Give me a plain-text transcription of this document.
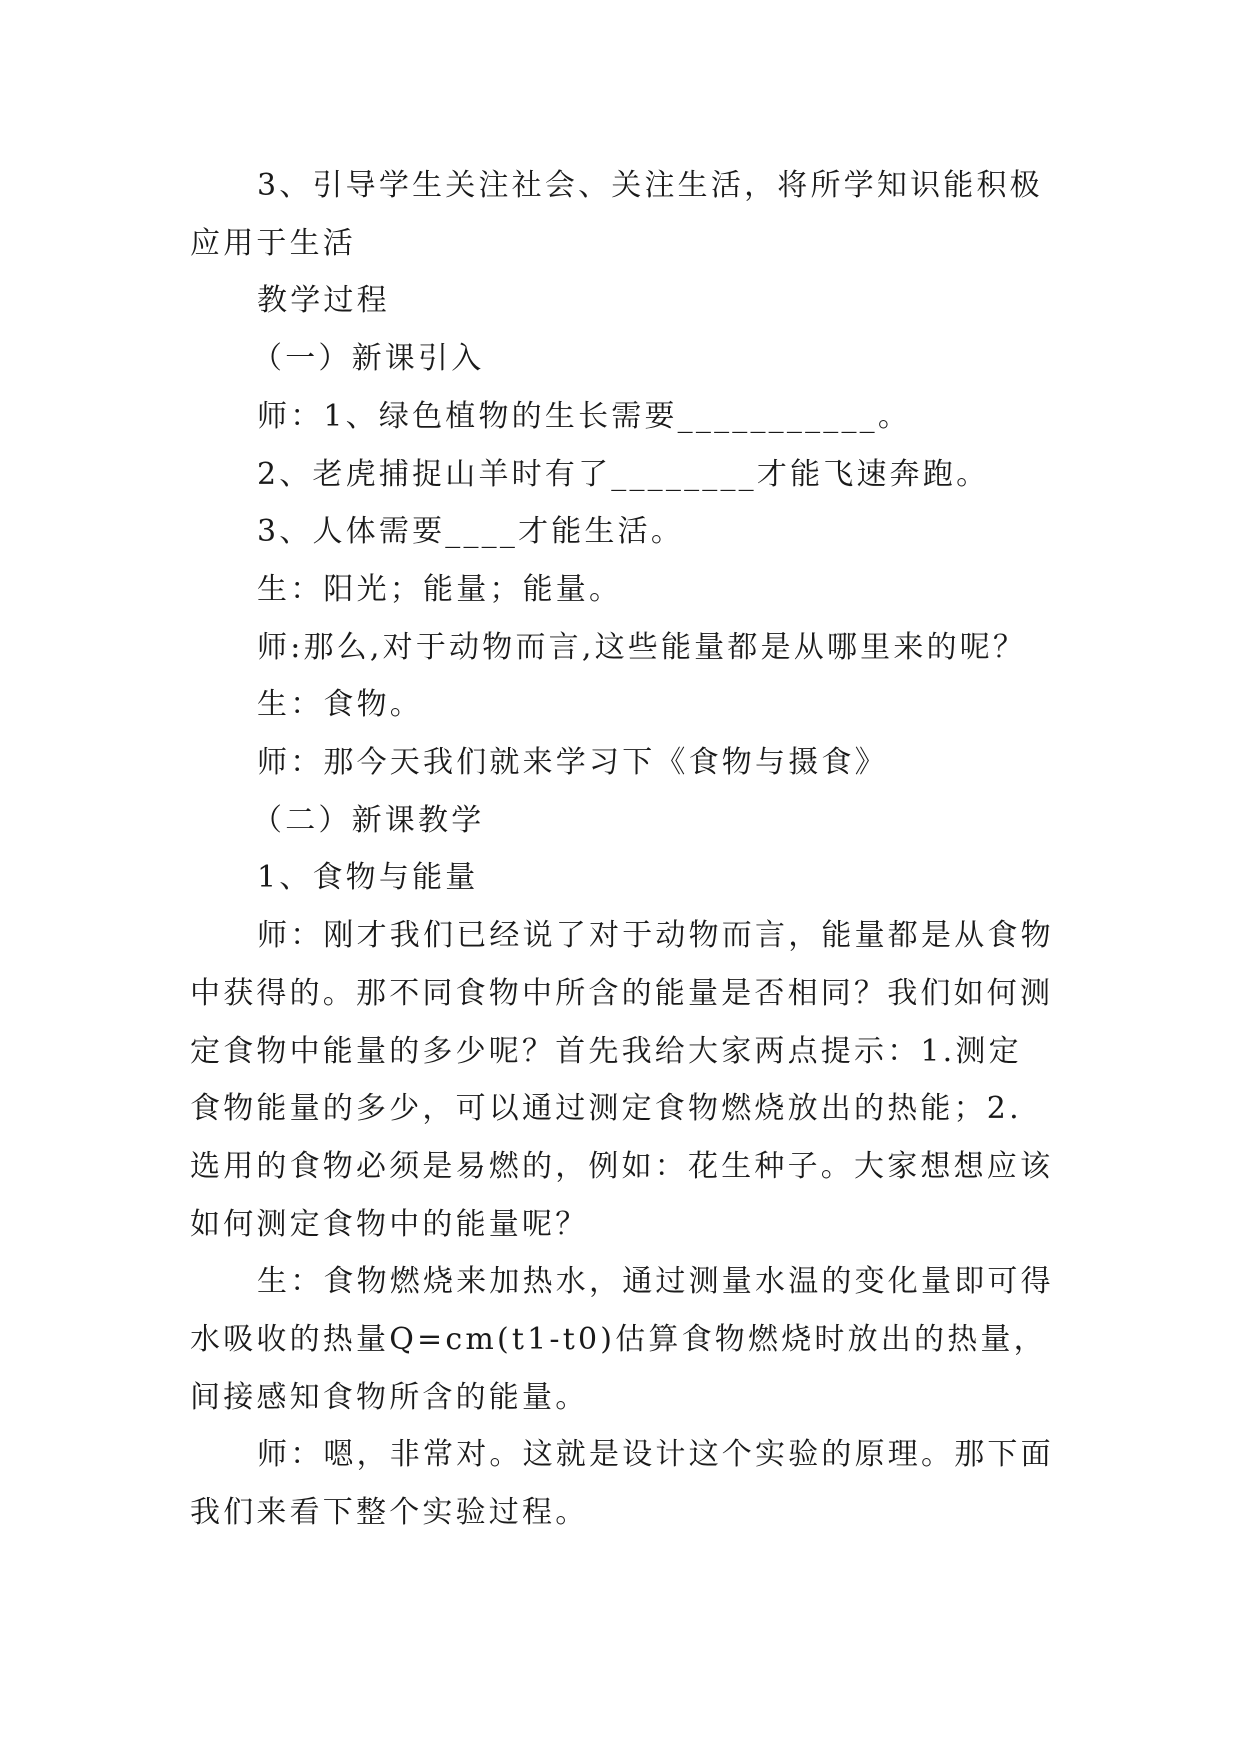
3、引导学生关注社会、关注生活，将所学知识能积极应用于生活

教学过程

（一）新课引入

师：1、绿色植物的生长需要___________。

2、老虎捕捉山羊时有了________才能飞速奔跑。

3、人体需要____才能生活。

生：阳光；能量；能量。

师:那么,对于动物而言,这些能量都是从哪里来的呢？

生：食物。

师：那今天我们就来学习下《食物与摄食》

（二）新课教学

1、食物与能量

师：刚才我们已经说了对于动物而言，能量都是从食物中获得的。那不同食物中所含的能量是否相同？我们如何测定食物中能量的多少呢？首先我给大家两点提示：1.测定食物能量的多少，可以通过测定食物燃烧放出的热能；2.选用的食物必须是易燃的，例如：花生种子。大家想想应该如何测定食物中的能量呢？

生：食物燃烧来加热水，通过测量水温的变化量即可得水吸收的热量Q=cm(t1-t0)估算食物燃烧时放出的热量，间接感知食物所含的能量。

师：嗯，非常对。这就是设计这个实验的原理。那下面我们来看下整个实验过程。
